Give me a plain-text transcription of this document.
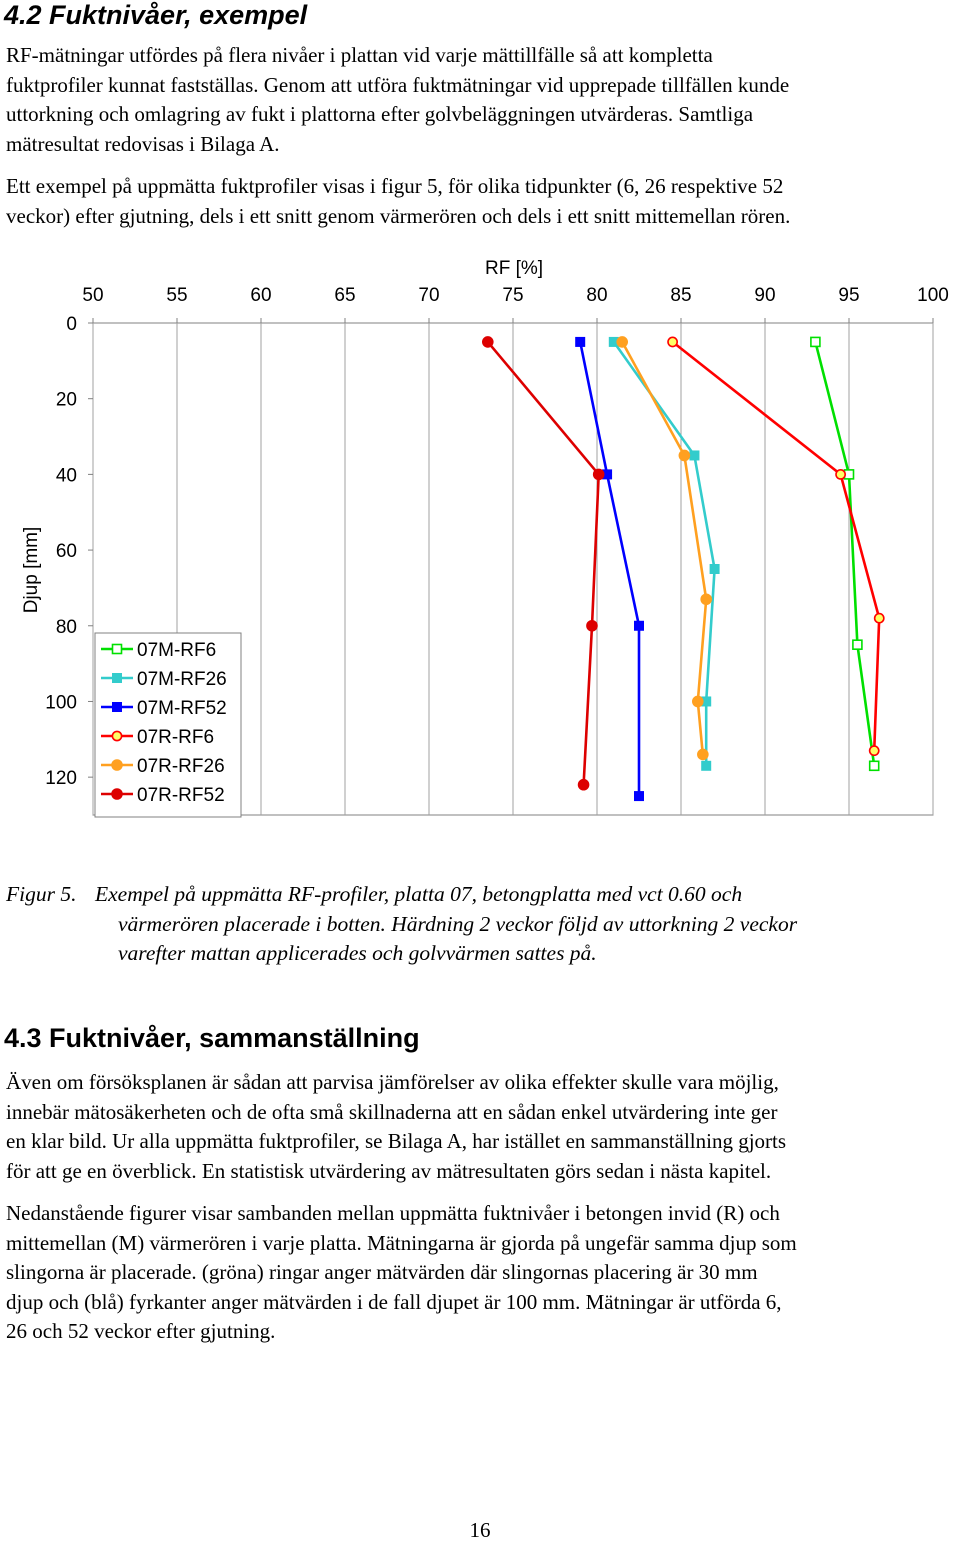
4.2 Fuktnivåer, exempel
RF-mätningar utfördes på flera nivåer i plattan vid varje mättillfälle så att kompletta
fuktprofiler kunnat fastställas. Genom att utföra fuktmätningar vid upprepade tillfällen kunde
uttorkning och omlagring av fukt i plattorna efter golvbeläggningen utvärderas. Samtliga
mätresultat redovisas i Bilaga A.
Ett exempel på uppmätta fuktprofiler visas i figur 5, för olika tidpunkter (6, 26 respektive 52
veckor) efter gjutning, dels i ett snitt genom värmerören och dels i ett snitt mittemellan rören.
50	55	60	65	70	75	80	85	90	95	100
0
20
40
60
80
100
120
RF [%]
Djup [mm]
07M-RF6
07M-RF26
07M-RF52
07R-RF6
07R-RF26
07R-RF52
Figur 5. Exempel på uppmätta RF-profiler, platta 07, betongplatta med vct 0.60 och
värmerören placerade i botten. Härdning 2 veckor följd av uttorkning 2 veckor
varefter mattan applicerades och golvvärmen sattes på.
4.3 Fuktnivåer, sammanställning
Även om försöksplanen är sådan att parvisa jämförelser av olika effekter skulle vara möjlig,
innebär mätosäkerheten och de ofta små skillnaderna att en sådan enkel utvärdering inte ger
en klar bild. Ur alla uppmätta fuktprofiler, se Bilaga A, har istället en sammanställning gjorts
för att ge en överblick. En statistisk utvärdering av mätresultaten görs sedan i nästa kapitel.
Nedanstående figurer visar sambanden mellan uppmätta fuktnivåer i betongen invid (R) och
mittemellan (M) värmerören i varje platta. Mätningarna är gjorda på ungefär samma djup som
slingorna är placerade. (gröna) ringar anger mätvärden där slingornas placering är 30 mm
djup och (blå) fyrkanter anger mätvärden i de fall djupet är 100 mm. Mätningar är utförda 6,
26 och 52 veckor efter gjutning.
16
